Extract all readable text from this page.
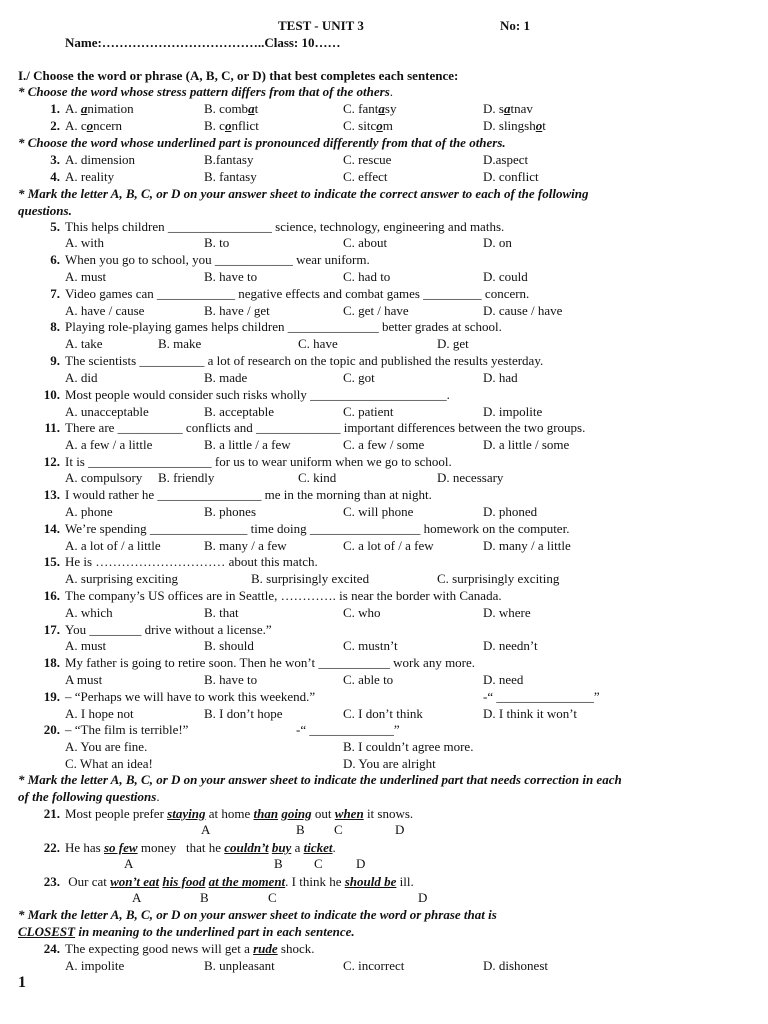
TEST - UNIT 3	No: 1
Name:………………………………..Class: 10……
I./ Choose the word or phrase (A, B, C, or D) that best completes each sentence:
* Choose the word whose stress pattern differs from that of the others.
1. A. animation	B. combat	C. fantasy	D. satnav
2. A. concern	B. conflict	C. sitcom	D. slingshot
* Choose the word whose underlined part is pronounced differently from that of the others.
3. A. dimension	B.fantasy	C. rescue	D.aspect
4. A. reality	B. fantasy	C. effect	D. conflict
* Mark the letter A, B, C, or D on your answer sheet to indicate the correct answer to each of the following
questions.
5. This helps children ________________ science, technology, engineering and maths.
A. with	B. to	C. about	D. on
6. When you go to school, you ____________ wear uniform.
A. must	B. have to	C. had to	D. could
7. Video games can ____________ negative effects and combat games _________ concern.
A. have / cause	B. have / get	C. get / have	D. cause / have
8. Playing role-playing games helps children ______________ better grades at school.
A. take	B. make	C. have	D. get
9. The scientists __________ a lot of research on the topic and published the results yesterday.
A. did	B. made	C. got	D. had
10. Most people would consider such risks wholly _____________________.
A. unacceptable	B. acceptable	C. patient	D. impolite
11. There are __________ conflicts and _____________ important differences between the two groups.
A. a few / a little	B. a little / a few	C. a few / some	D. a little / some
12. It is ___________________ for us to wear uniform when we go to school.
A. compulsory B. friendly	C. kind	D. necessary
13. I would rather he ________________ me in the morning than at night.
A. phone	B. phones	C. will phone	D. phoned
14. We’re spending _______________ time doing _________________ homework on the computer.
A. a lot of / a little	B. many / a few	C. a lot of / a few	D. many / a little
15. He is ………………………… about this match.
A. surprising exciting	B. surprisingly excited	C. surprisingly exciting
16. The company’s US offices are in Seattle, …………. is near the border with Canada.
A. which	B. that	C. who	D. where
17. You ________ drive without a license.”
A. must	B. should	C. mustn’t	D. needn’t
18. My father is going to retire soon. Then he won’t ___________ work any more.
A must	B. have to	C. able to	D. need
19. – “Perhaps we will have to work this weekend.”	-“ _______________”
A. I hope not	B. I don’t hope	C. I don’t think	D. I think it won’t
20. – “The film is terrible!”	-“ _____________”
A. You are fine.	B. I couldn’t agree more.
C. What an idea!	D. You are alright
* Mark the letter A, B, C, or D on your answer sheet to indicate the underlined part that needs correction in each
of the following questions.
21. Most people prefer staying at home than going out when it snows.
A	B C	D
22. He has so few money   that he couldn’t buy a ticket.
A	B C	D
23. Our cat won’t eat his food at the moment. I think he should be ill.
A	B	C	D
* Mark the letter A, B, C, or D on your answer sheet to indicate the word or phrase that is
CLOSEST in meaning to the underlined part in each sentence.
24. The expecting good news will get a rude shock.
A. impolite	B. unpleasant	C. incorrect	D. dishonest
1
